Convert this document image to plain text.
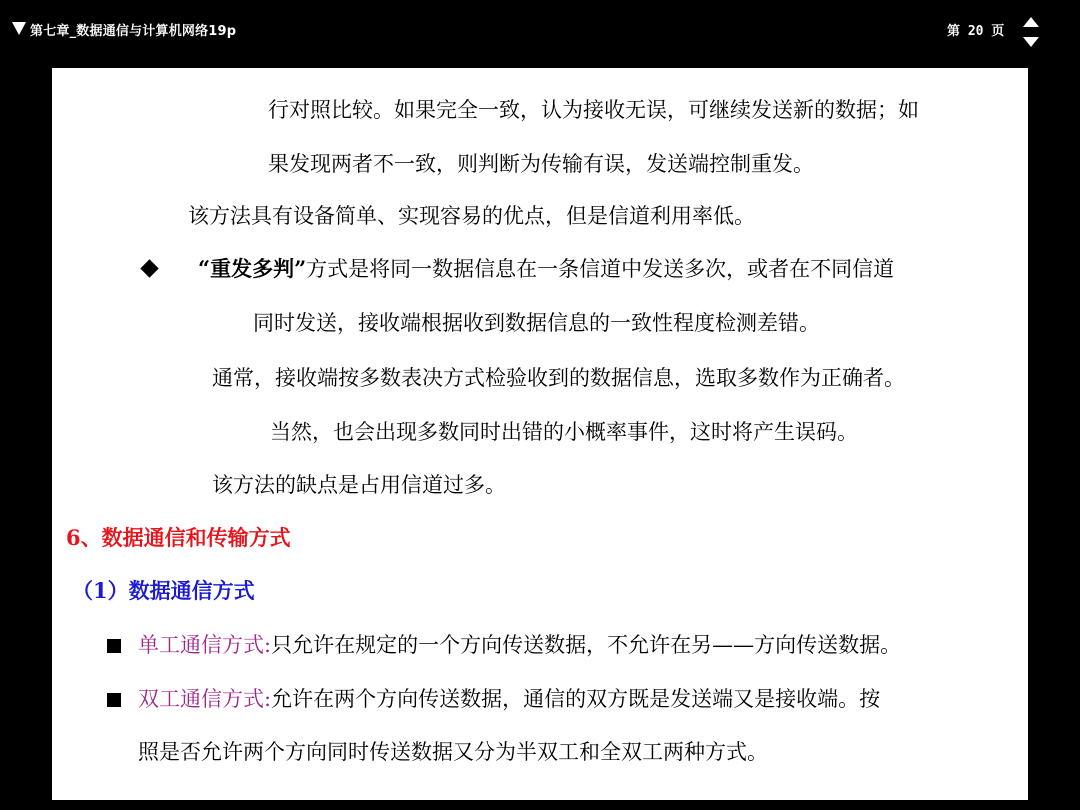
第七章_数据通信与计算机网络19p	第 20 页
行对照比较。如果完全一致，认为接收无误，可继续发送新的数据；如
果发现两者不一致，则判断为传输有误，发送端控制重发。
该方法具有设备简单、实现容易的优点，但是信道利用率低。
“重发多判”方式是将同一数据信息在一条信道中发送多次，或者在不同信道
同时发送，接收端根据收到数据信息的一致性程度检测差错。
通常，接收端按多数表决方式检验收到的数据信息，选取多数作为正确者。
当然，也会出现多数同时出错的小概率事件，这时将产生误码。
该方法的缺点是占用信道过多。
6、数据通信和传输方式
（1）数据通信方式
单工通信方式:只允许在规定的一个方向传送数据，不允许在另——方向传送数据。
双工通信方式:允许在两个方向传送数据，通信的双方既是发送端又是接收端。按
照是否允许两个方向同时传送数据又分为半双工和全双工两种方式。
